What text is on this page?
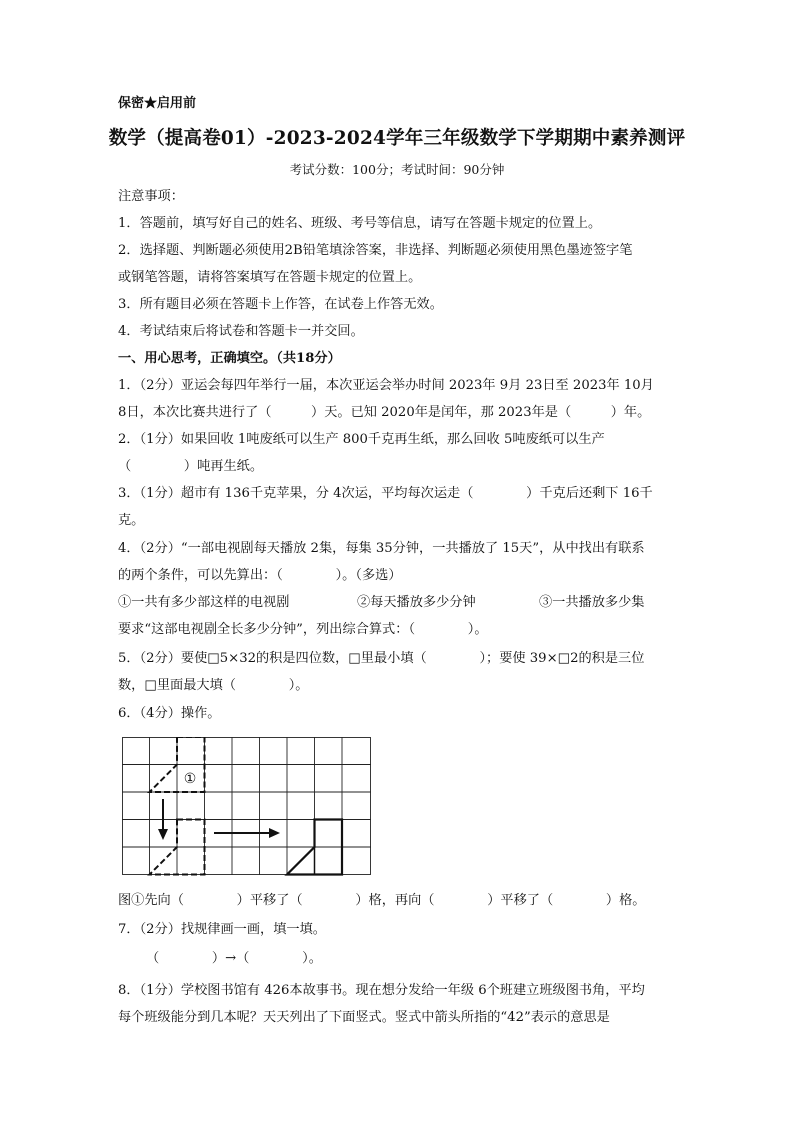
保密★启用前
数学（提高卷01）-2023-2024学年三年级数学下学期期中素养测评
考试分数：100分；考试时间：90分钟
注意事项：
1．答题前，填写好自己的姓名、班级、考号等信息，请写在答题卡规定的位置上。
2．选择题、判断题必须使用2B铅笔填涂答案，非选择、判断题必须使用黑色墨迹签字笔
或钢笔答题，请将答案填写在答题卡规定的位置上。
3．所有题目必须在答题卡上作答，在试卷上作答无效。
4．考试结束后将试卷和答题卡一并交回。
一、用心思考，正确填空。（共18分）
1．（2分）亚运会每四年举行一届，本次亚运会举办时间 2023年 9月 23日至 2023年 10月
8日，本次比赛共进行了（　　　）天。已知 2020年是闰年，那 2023年是（　　　）年。
2．（1分）如果回收 1吨废纸可以生产 800千克再生纸，那么回收 5吨废纸可以生产
（　　　　）吨再生纸。
3．（1分）超市有 136千克苹果，分 4次运，平均每次运走（　　　　）千克后还剩下 16千
克。
4．（2分）“一部电视剧每天播放 2集，每集 35分钟，一共播放了 15天”，从中找出有联系
的两个条件，可以先算出：（　　　　）。（多选）
①一共有多少部这样的电视剧	②每天播放多少分钟	③一共播放多少集
要求“这部电视剧全长多少分钟”，列出综合算式：（　　　　）。
5．（2分）要使□5×32的积是四位数，□里最小填（　　　　）；要使 39×□2的积是三位
数，□里面最大填（　　　　）。
6．（4分）操作。
①
图①先向（　　　　）平移了（　　　　）格，再向（　　　　）平移了（　　　　）格。
7．（2分）找规律画一画，填一填。
（　　　　）→（　　　　）。
8．（1分）学校图书馆有 426本故事书。现在想分发给一年级 6个班建立班级图书角，平均
每个班级能分到几本呢？天天列出了下面竖式。竖式中箭头所指的“42”表示的意思是
